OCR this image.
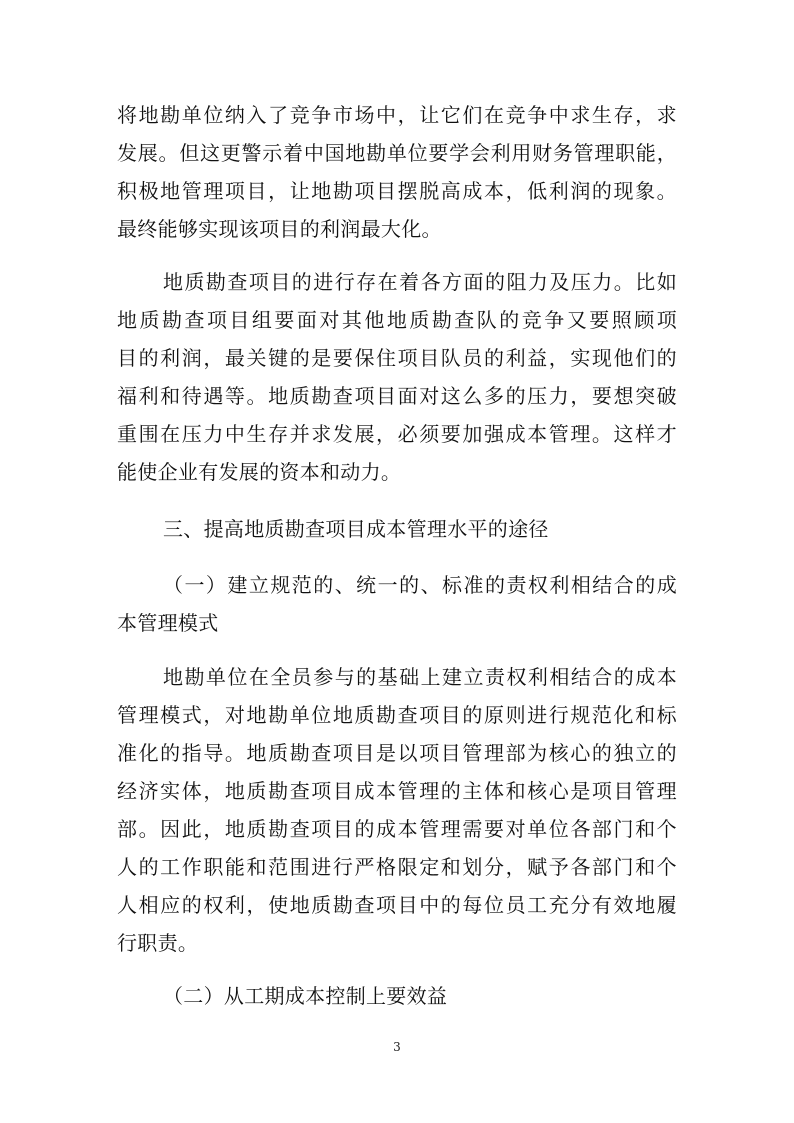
将地勘单位纳入了竞争市场中，让它们在竞争中求生存，求
发展。但这更警示着中国地勘单位要学会利用财务管理职能，
积极地管理项目，让地勘项目摆脱高成本，低利润的现象。
最终能够实现该项目的利润最大化。
地质勘查项目的进行存在着各方面的阻力及压力。比如
地质勘查项目组要面对其他地质勘查队的竞争又要照顾项
目的利润，最关键的是要保住项目队员的利益，实现他们的
福利和待遇等。地质勘查项目面对这么多的压力，要想突破
重围在压力中生存并求发展，必须要加强成本管理。这样才
能使企业有发展的资本和动力。
三、提高地质勘查项目成本管理水平的途径
（一）建立规范的、统一的、标准的责权利相结合的成
本管理模式
地勘单位在全员参与的基础上建立责权利相结合的成本
管理模式，对地勘单位地质勘查项目的原则进行规范化和标
准化的指导。地质勘查项目是以项目管理部为核心的独立的
经济实体，地质勘查项目成本管理的主体和核心是项目管理
部。因此，地质勘查项目的成本管理需要对单位各部门和个
人的工作职能和范围进行严格限定和划分，赋予各部门和个
人相应的权利，使地质勘查项目中的每位员工充分有效地履
行职责。
（二）从工期成本控制上要效益
3
